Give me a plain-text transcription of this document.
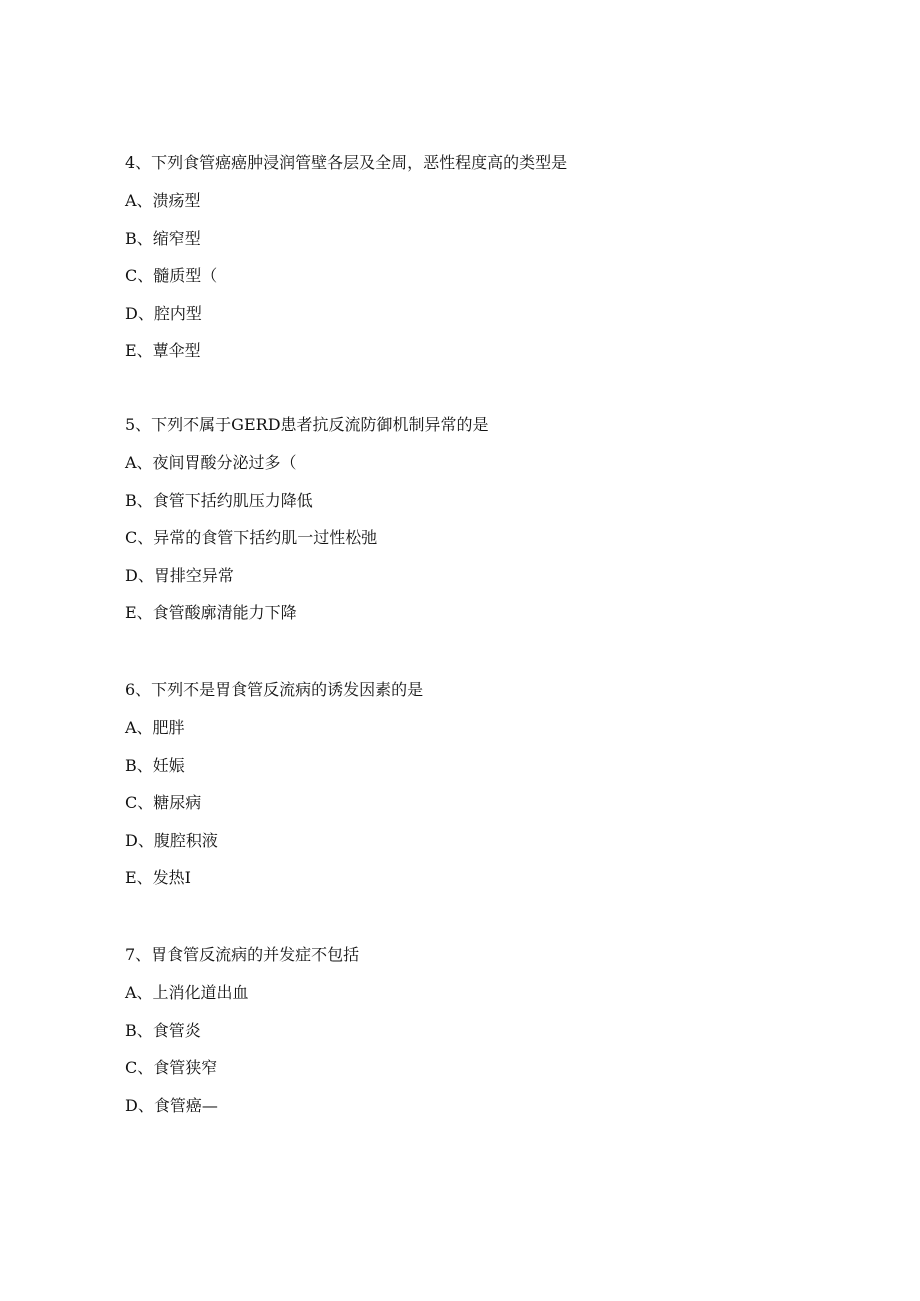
4、下列食管癌癌肿浸润管壁各层及全周，恶性程度高的类型是
A、溃疡型
B、缩窄型
C、髓质型（
D、腔内型
E、蕈伞型
5、下列不属于GERD患者抗反流防御机制异常的是
A、夜间胃酸分泌过多（
B、食管下括约肌压力降低
C、异常的食管下括约肌一过性松弛
D、胃排空异常
E、食管酸廓清能力下降
6、下列不是胃食管反流病的诱发因素的是
A、肥胖
B、妊娠
C、糖尿病
D、腹腔积液
E、发热I
7、胃食管反流病的并发症不包括
A、上消化道出血
B、食管炎
C、食管狭窄
D、食管癌—
